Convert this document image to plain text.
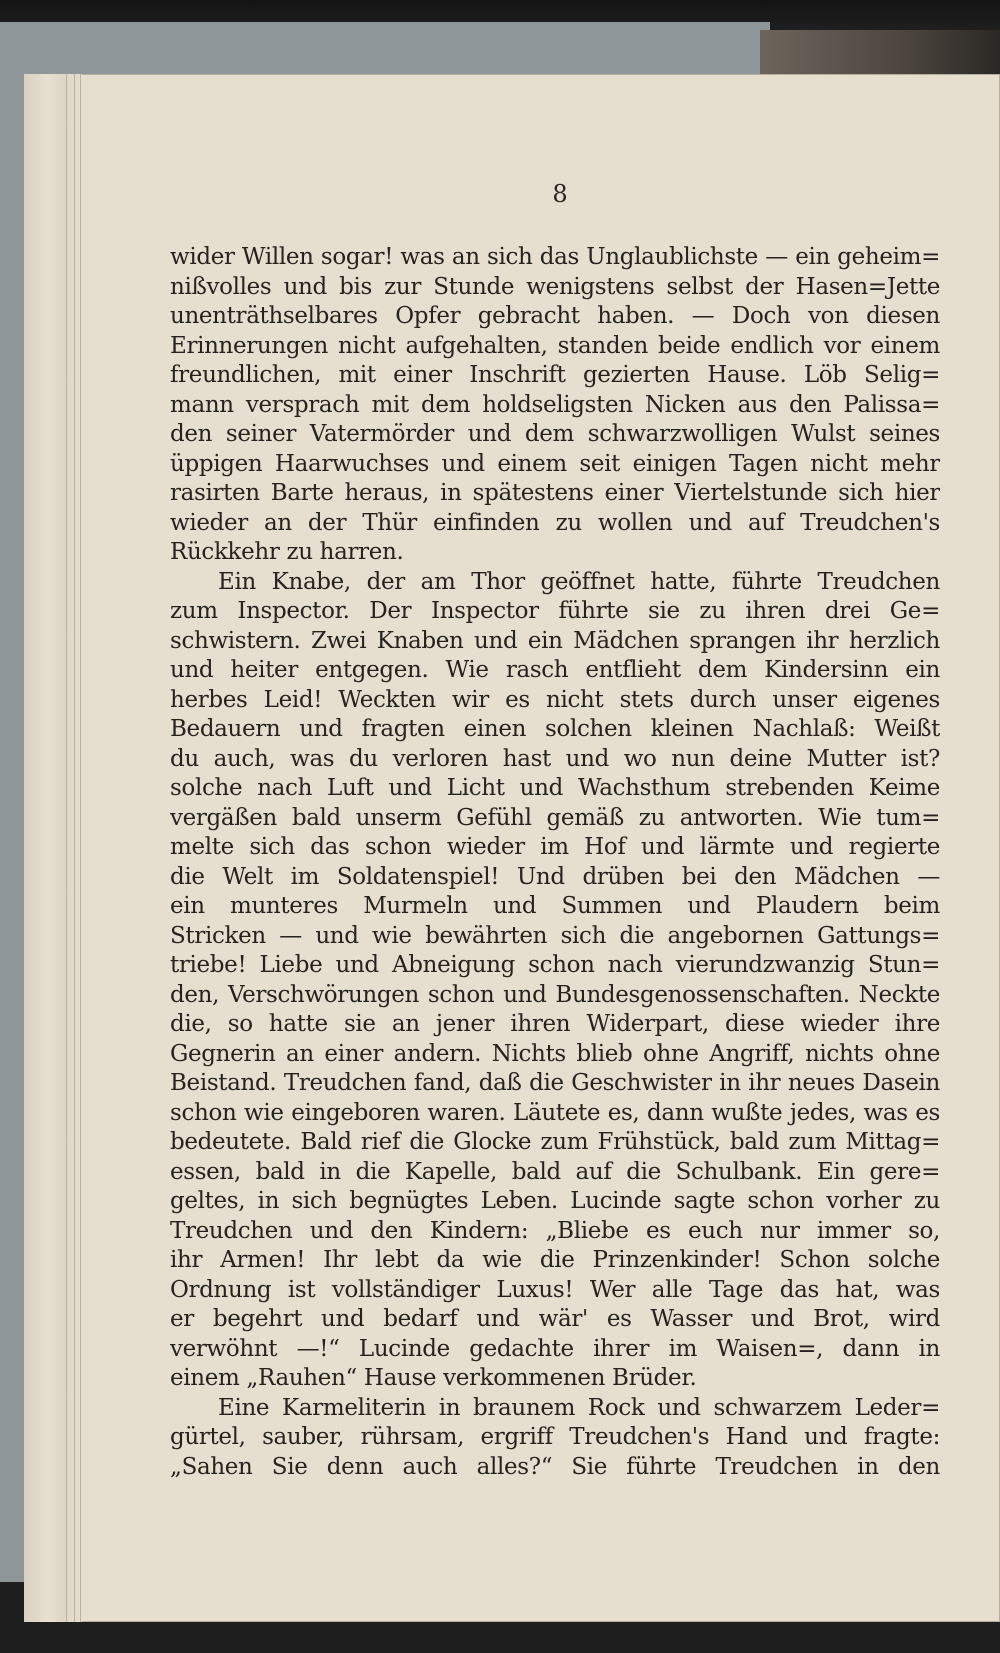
8
wider Willen sogar! was an sich das Unglaublichste — ein geheim=
nißvolles und bis zur Stunde wenigstens selbst der Hasen=Jette
unenträthselbares Opfer gebracht haben. — Doch von diesen
Erinnerungen nicht aufgehalten, standen beide endlich vor einem
freundlichen, mit einer Inschrift gezierten Hause. Löb Selig=
mann versprach mit dem holdseligsten Nicken aus den Palissa=
den seiner Vatermörder und dem schwarzwolligen Wulst seines
üppigen Haarwuchses und einem seit einigen Tagen nicht mehr
rasirten Barte heraus, in spätestens einer Viertelstunde sich hier
wieder an der Thür einfinden zu wollen und auf Treudchen's
Rückkehr zu harren.
Ein Knabe, der am Thor geöffnet hatte, führte Treudchen
zum Inspector. Der Inspector führte sie zu ihren drei Ge=
schwistern. Zwei Knaben und ein Mädchen sprangen ihr herzlich
und heiter entgegen. Wie rasch entflieht dem Kindersinn ein
herbes Leid! Weckten wir es nicht stets durch unser eigenes
Bedauern und fragten einen solchen kleinen Nachlaß: Weißt
du auch, was du verloren hast und wo nun deine Mutter ist?
solche nach Luft und Licht und Wachsthum strebenden Keime
vergäßen bald unserm Gefühl gemäß zu antworten. Wie tum=
melte sich das schon wieder im Hof und lärmte und regierte
die Welt im Soldatenspiel! Und drüben bei den Mädchen —
ein munteres Murmeln und Summen und Plaudern beim
Stricken — und wie bewährten sich die angebornen Gattungs=
triebe! Liebe und Abneigung schon nach vierundzwanzig Stun=
den, Verschwörungen schon und Bundesgenossenschaften. Neckte
die, so hatte sie an jener ihren Widerpart, diese wieder ihre
Gegnerin an einer andern. Nichts blieb ohne Angriff, nichts ohne
Beistand. Treudchen fand, daß die Geschwister in ihr neues Dasein
schon wie eingeboren waren. Läutete es, dann wußte jedes, was es
bedeutete. Bald rief die Glocke zum Frühstück, bald zum Mittag=
essen, bald in die Kapelle, bald auf die Schulbank. Ein gere=
geltes, in sich begnügtes Leben. Lucinde sagte schon vorher zu
Treudchen und den Kindern: „Bliebe es euch nur immer so,
ihr Armen! Ihr lebt da wie die Prinzenkinder! Schon solche
Ordnung ist vollständiger Luxus! Wer alle Tage das hat, was
er begehrt und bedarf und wär' es Wasser und Brot, wird
verwöhnt —!“ Lucinde gedachte ihrer im Waisen=, dann in
einem „Rauhen“ Hause verkommenen Brüder.
Eine Karmeliterin in braunem Rock und schwarzem Leder=
gürtel, sauber, rührsam, ergriff Treudchen's Hand und fragte:
„Sahen Sie denn auch alles?“ Sie führte Treudchen in den
